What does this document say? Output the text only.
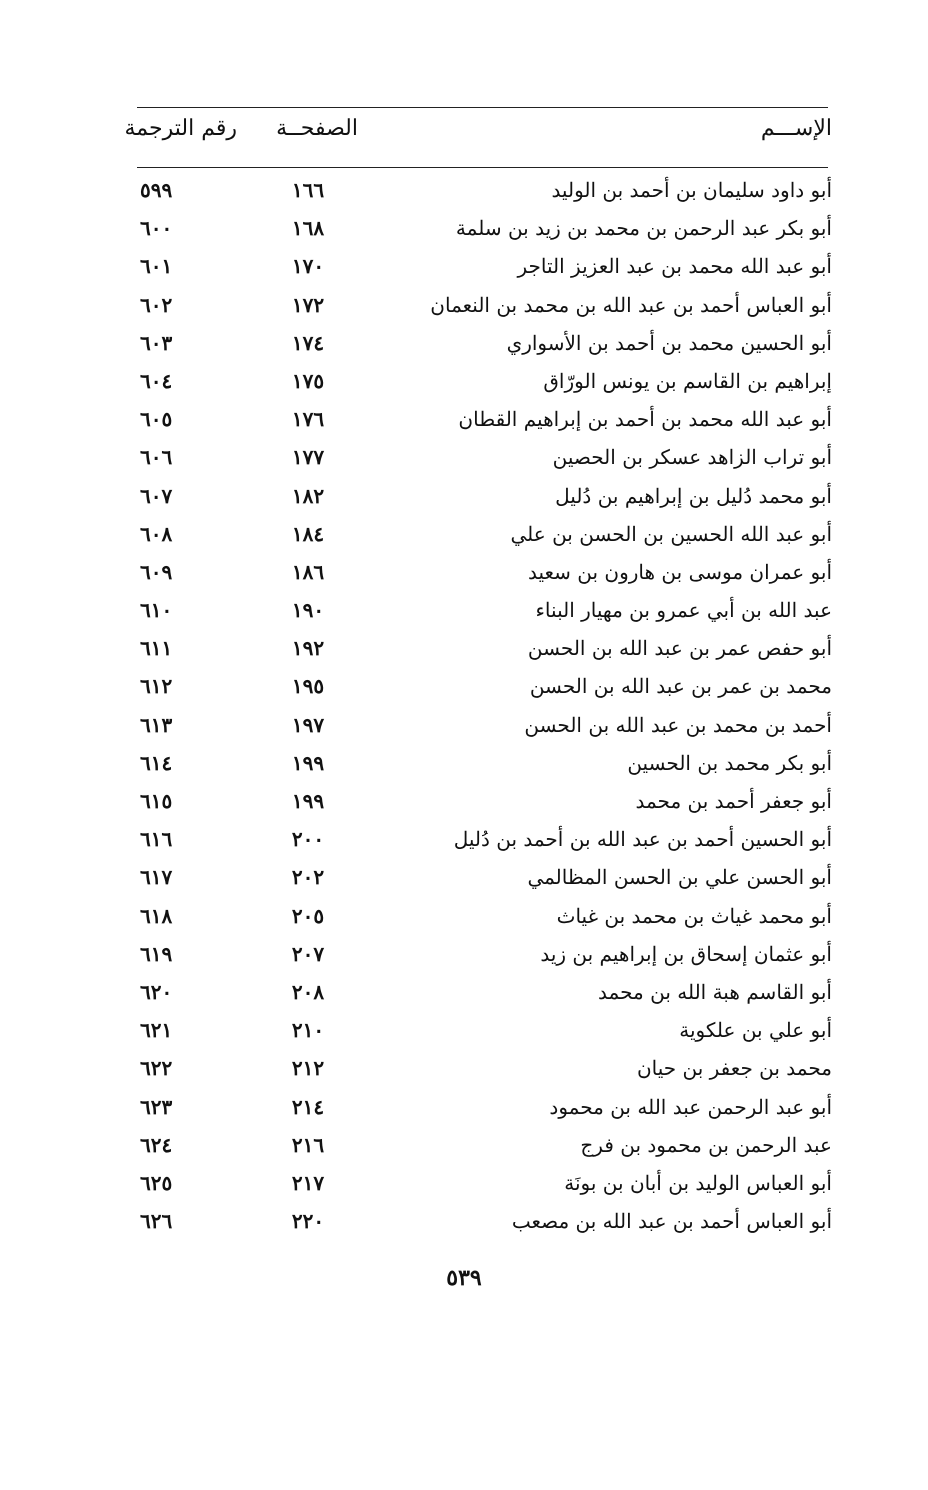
الإســـم
الصفحــة
رقم الترجمة
أبو داود سليمان بن أحمد بن الوليد
١٦٦
٥٩٩
أبو بكر عبد الرحمن بن محمد بن زيد بن سلمة
١٦٨
٦٠٠
أبو عبد الله محمد بن عبد العزيز التاجر
١٧٠
٦٠١
أبو العباس أحمد بن عبد الله بن محمد بن النعمان
١٧٢
٦٠٢
أبو الحسين محمد بن أحمد بن الأسواري
١٧٤
٦٠٣
إبراهيم بن القاسم بن يونس الورّاق
١٧٥
٦٠٤
أبو عبد الله محمد بن أحمد بن إبراهيم القطان
١٧٦
٦٠٥
أبو تراب الزاهد عسكر بن الحصين
١٧٧
٦٠٦
أبو محمد دُليل بن إبراهيم بن دُليل
١٨٢
٦٠٧
أبو عبد الله الحسين بن الحسن بن علي
١٨٤
٦٠٨
أبو عمران موسى بن هارون بن سعيد
١٨٦
٦٠٩
عبد الله بن أبي عمرو بن مهيار البناء
١٩٠
٦١٠
أبو حفص عمر بن عبد الله بن الحسن
١٩٢
٦١١
محمد بن عمر بن عبد الله بن الحسن
١٩٥
٦١٢
أحمد بن محمد بن عبد الله بن الحسن
١٩٧
٦١٣
أبو بكر محمد بن الحسين
١٩٩
٦١٤
أبو جعفر أحمد بن محمد
١٩٩
٦١٥
أبو الحسين أحمد بن عبد الله بن أحمد بن دُليل
٢٠٠
٦١٦
أبو الحسن علي بن الحسن المظالمي
٢٠٢
٦١٧
أبو محمد غياث بن محمد بن غياث
٢٠٥
٦١٨
أبو عثمان إسحاق بن إبراهيم بن زيد
٢٠٧
٦١٩
أبو القاسم هبة الله بن محمد
٢٠٨
٦٢٠
أبو علي بن علكوية
٢١٠
٦٢١
محمد بن جعفر بن حيان
٢١٢
٦٢٢
أبو عبد الرحمن عبد الله بن محمود
٢١٤
٦٢٣
عبد الرحمن بن محمود بن فرج
٢١٦
٦٢٤
أبو العباس الوليد بن أبان بن بونَة
٢١٧
٦٢٥
أبو العباس أحمد بن عبد الله بن مصعب
٢٢٠
٦٢٦
٥٣٩
